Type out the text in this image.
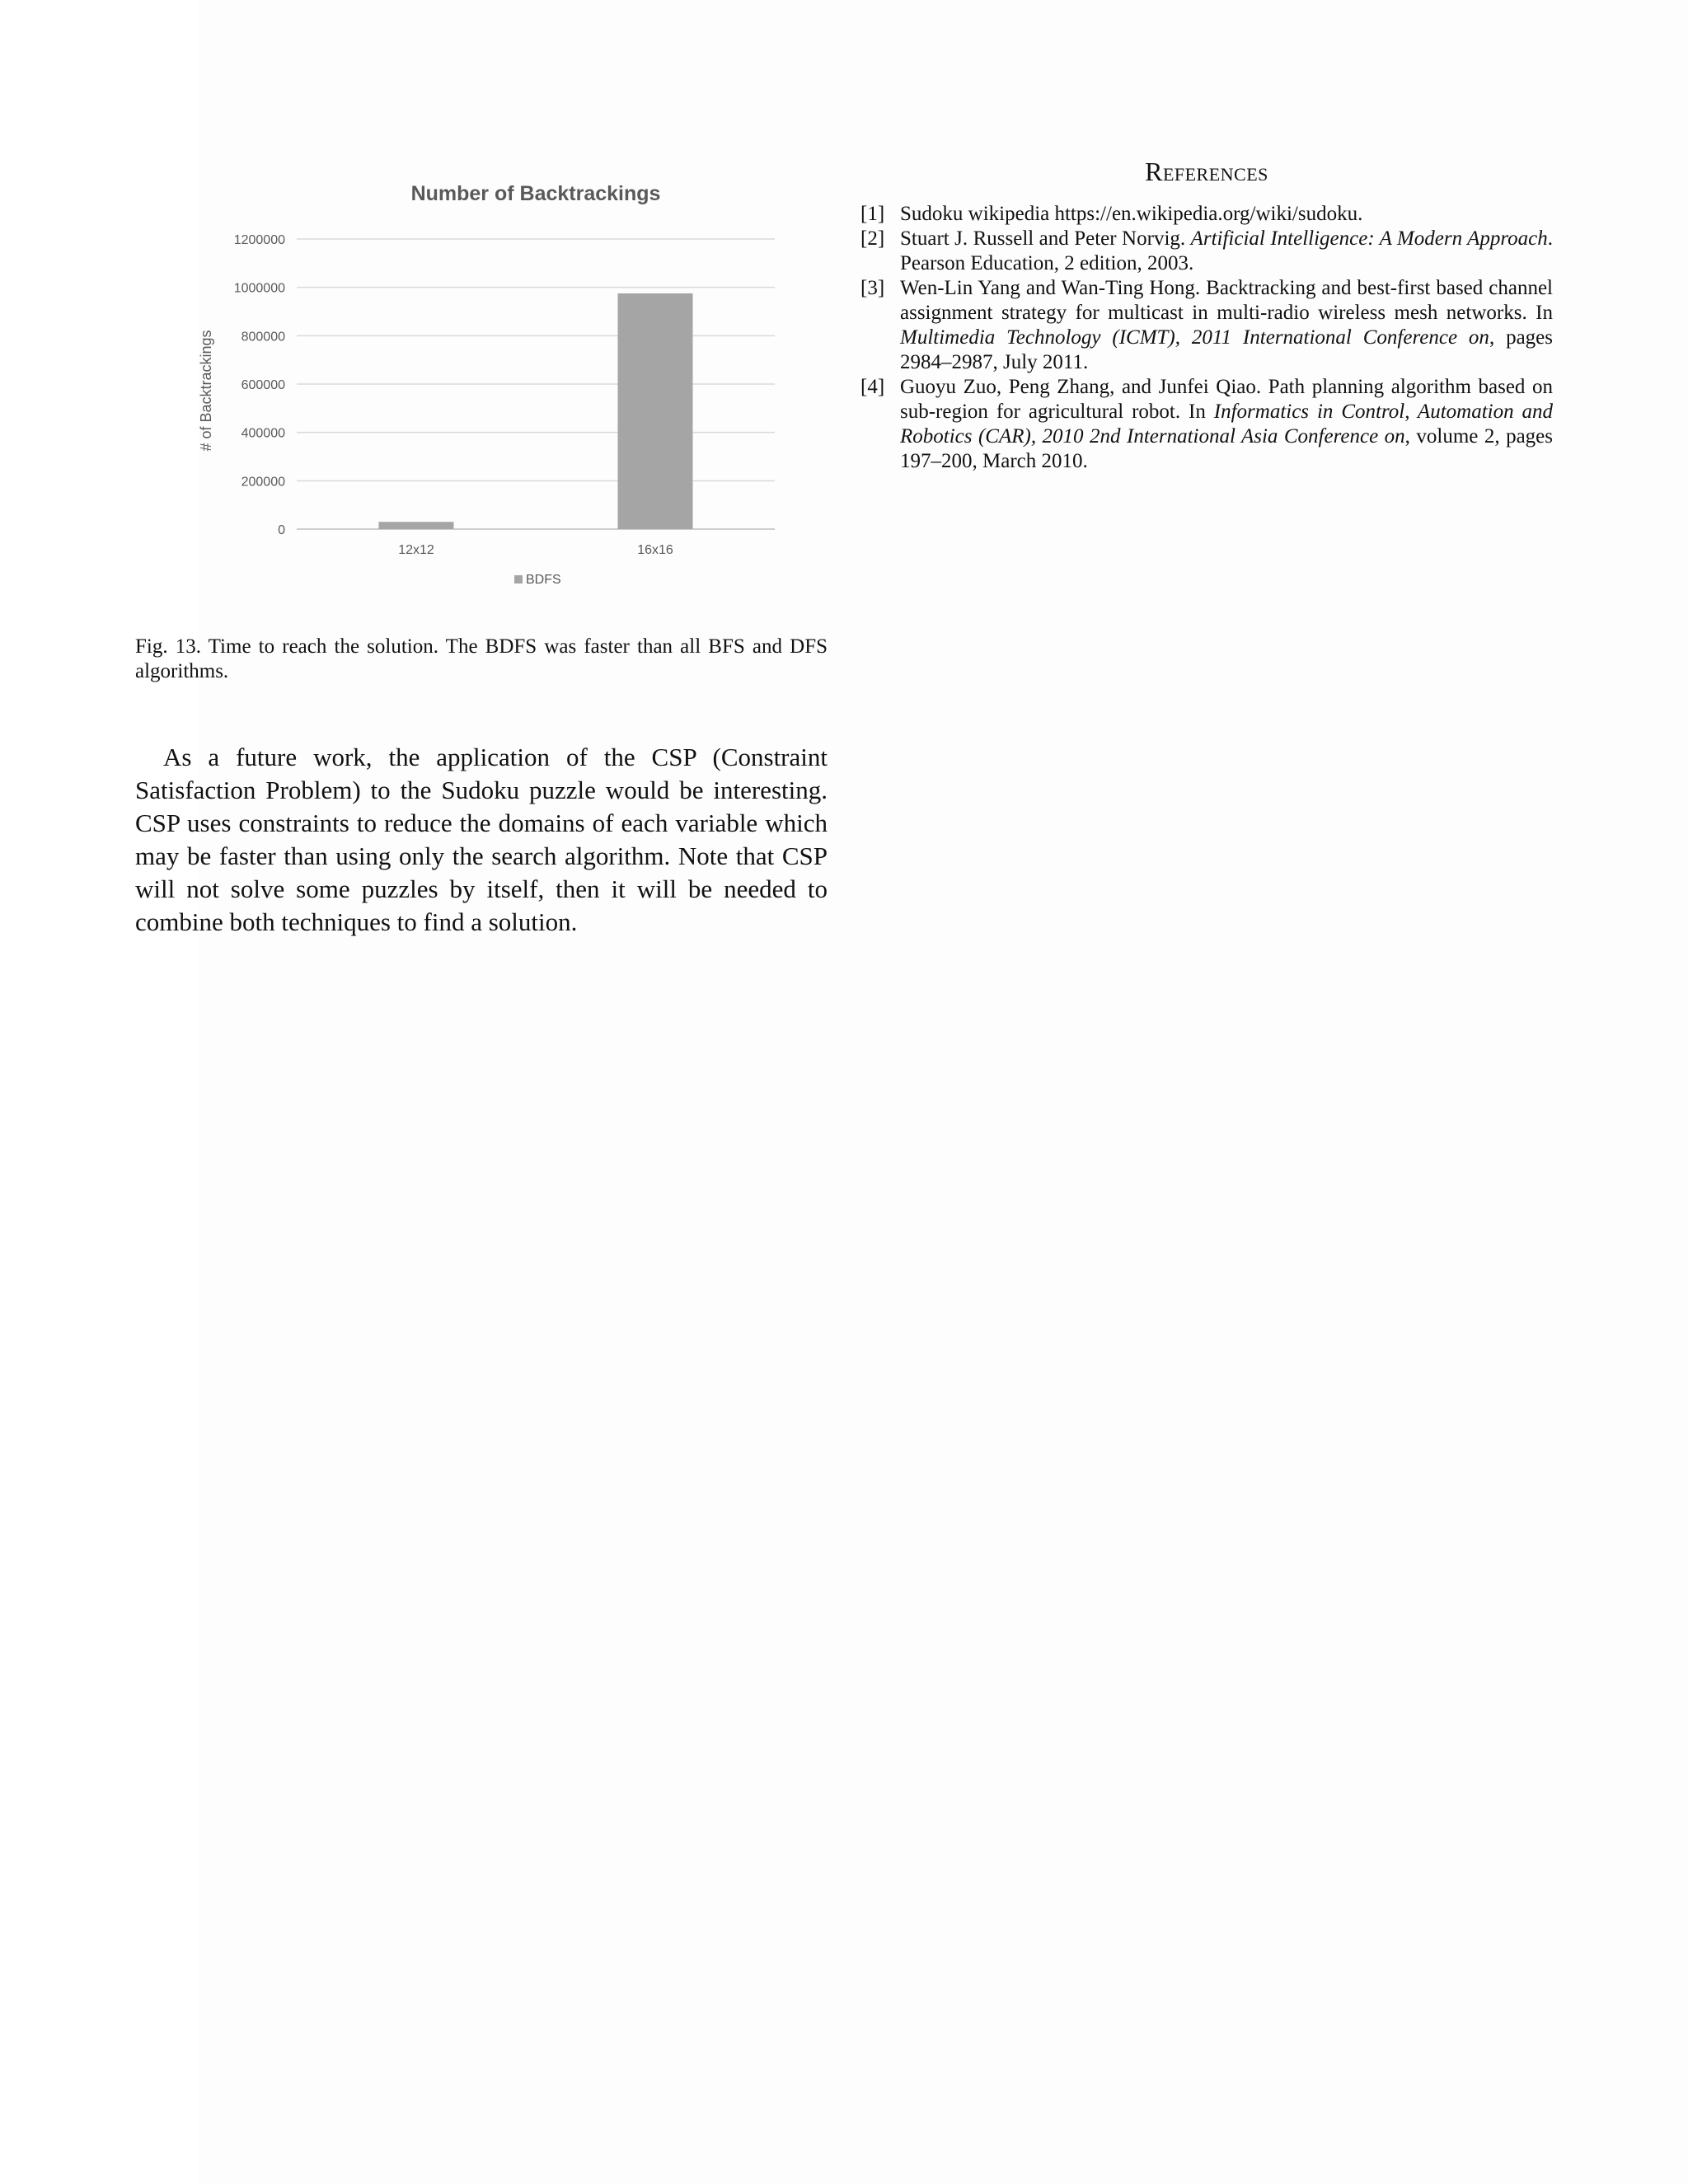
Number of Backtrackings
0
200000
400000
600000
800000
1000000
1200000
# of Backtrackings
12x12	16x16
BDFS

Fig. 13. Time to reach the solution. The BDFS was faster than all BFS and DFS algorithms.

As a future work, the application of the CSP (Constraint Satisfaction Problem) to the Sudoku puzzle would be interesting. CSP uses constraints to reduce the domains of each variable which may be faster than using only the search algorithm. Note that CSP will not solve some puzzles by itself, then it will be needed to combine both techniques to find a solution.

References
[1] Sudoku wikipedia https://en.wikipedia.org/wiki/sudoku.
[2] Stuart J. Russell and Peter Norvig. Artificial Intelligence: A Modern Approach. Pearson Education, 2 edition, 2003.
[3] Wen-Lin Yang and Wan-Ting Hong. Backtracking and best-first based channel assignment strategy for multicast in multi-radio wireless mesh networks. In Multimedia Technology (ICMT), 2011 International Conference on, pages 2984–2987, July 2011.
[4] Guoyu Zuo, Peng Zhang, and Junfei Qiao. Path planning algorithm based on sub-region for agricultural robot. In Informatics in Control, Automation and Robotics (CAR), 2010 2nd International Asia Conference on, volume 2, pages 197–200, March 2010.
